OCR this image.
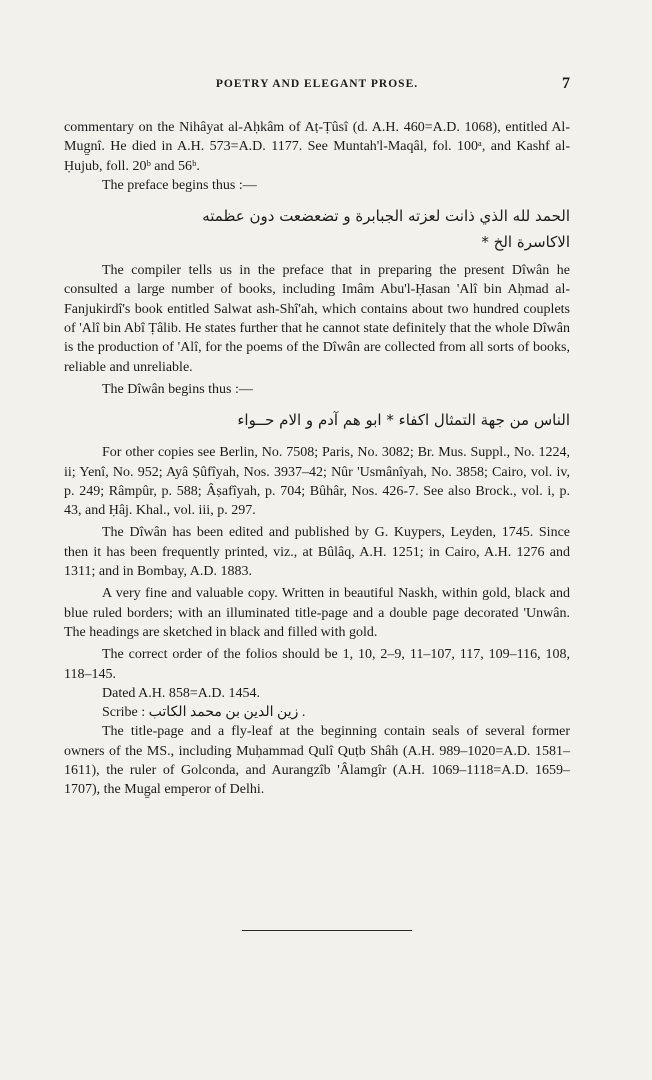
POETRY AND ELEGANT PROSE.	7

commentary on the Nihâyat al-Aḥkâm of Aṭ-Ṭûsî (d. A.H. 460=A.D. 1068), entitled Al-Mug̱nî. He died in A.H. 573=A.D. 1177. See Muntah'l-Maqâl, fol. 100ᵃ, and Kashf al-Ḥujub, foll. 20ᵇ and 56ᵇ.

The preface begins thus :—

الحمد لله الذي ذانت لعزته الجبابرة و تضعضعت دون عظمته

الاكاسرة الخ *

The compiler tells us in the preface that in preparing the present Dîwân he consulted a large number of books, including Imâm Abu'l-Ḥasan 'Alî bin Aḥmad al-Fanjukirdî's book entitled Salwat ash-Shî'ah, which contains about two hundred couplets of 'Alî bin Abî Ṭâlib. He states further that he cannot state definitely that the whole Dîwân is the production of 'Alî, for the poems of the Dîwân are collected from all sorts of books, reliable and unreliable.

The Dîwân begins thus :—

الناس من جهة التمثال اكفاء * ابو هم آدم و الام حــواء

For other copies see Berlin, No. 7508; Paris, No. 3082; Br. Mus. Suppl., No. 1224, ii; Yenî, No. 952; Ayâ Ṣûfîyah, Nos. 3937–42; Nûr 'Usmânîyah, No. 3858; Cairo, vol. iv, p. 249; Râmpûr, p. 588; Âṣafîyah, p. 704; Bûhâr, Nos. 426-7. See also Brock., vol. i, p. 43, and Ḥâj. Khal., vol. iii, p. 297.

The Dîwân has been edited and published by G. Kuypers, Leyden, 1745. Since then it has been frequently printed, viz., at Bûlâq, A.H. 1251; in Cairo, A.H. 1276 and 1311; and in Bombay, A.D. 1883.

A very fine and valuable copy. Written in beautiful Naskh, within gold, black and blue ruled borders; with an illuminated title-page and a double page decorated 'Unwân. The headings are sketched in black and filled with gold.

The correct order of the folios should be 1, 10, 2–9, 11–107, 117, 109–116, 108, 118–145.

Dated A.H. 858=A.D. 1454.

Scribe : زين الدين بن محمد الكاتب .

The title-page and a fly-leaf at the beginning contain seals of several former owners of the MS., including Muḥammad Qulî Quṭb Shâh (A.H. 989–1020=A.D. 1581–1611), the ruler of Golconda, and Aurangzîb 'Âlamgîr (A.H. 1069–1118=A.D. 1659–1707), the Mug̱al emperor of Delhi.
